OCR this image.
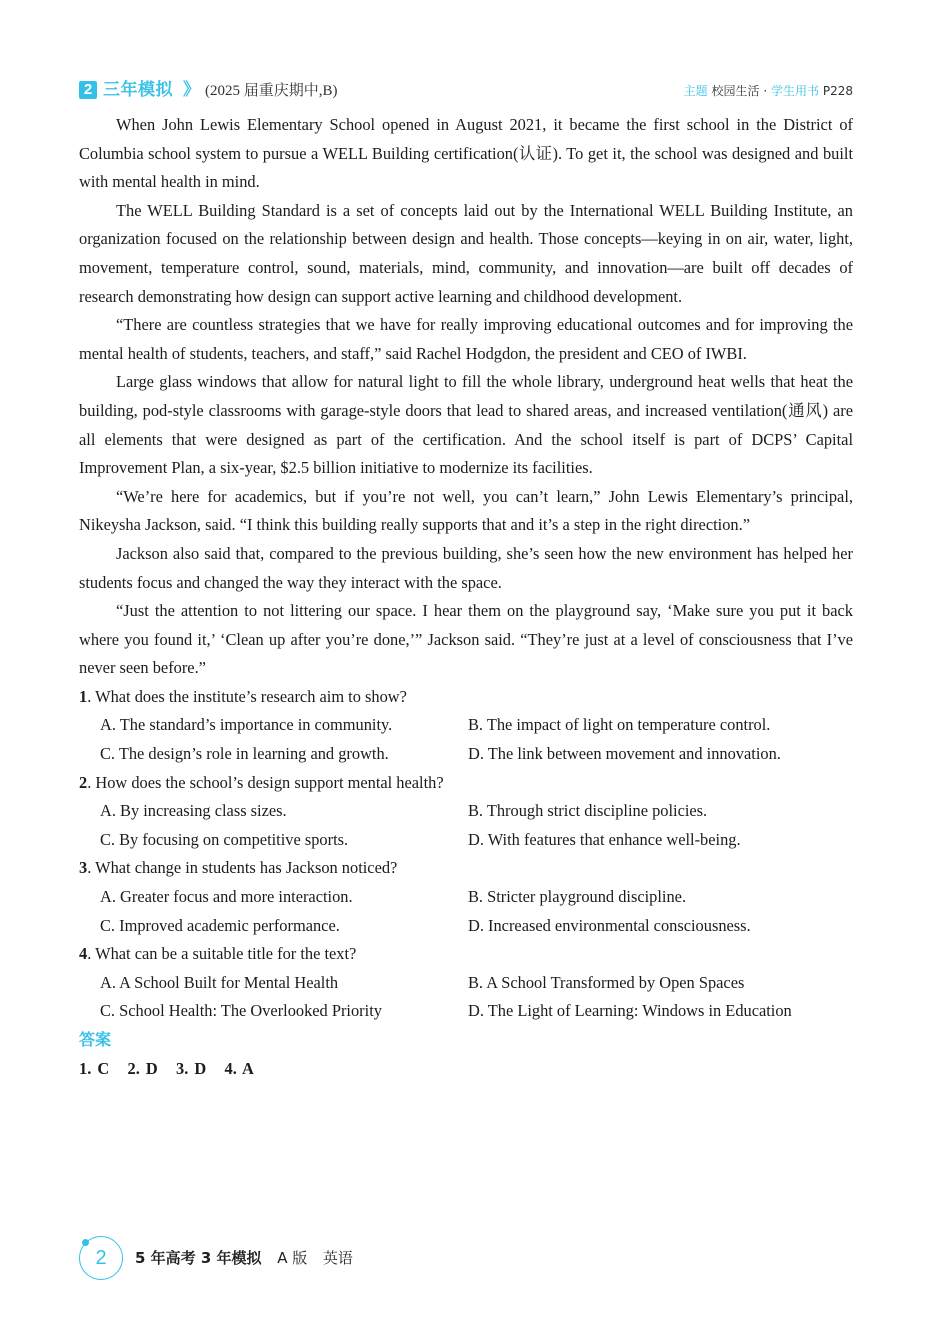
2 三年模拟 》 (2025 届重庆期中,B)	主题 校园生活 · 学生用书 P228

When John Lewis Elementary School opened in August 2021, it became the first school in the District of Columbia school system to pursue a WELL Building certification(认证). To get it, the school was designed and built with mental health in mind.

The WELL Building Standard is a set of concepts laid out by the International WELL Building Institute, an organization focused on the relationship between design and health. Those concepts—keying in on air, water, light, movement, temperature control, sound, materials, mind, community, and innovation—are built off decades of research demonstrating how design can support active learning and childhood development.

“There are countless strategies that we have for really improving educational outcomes and for improving the mental health of students, teachers, and staff,” said Rachel Hodgdon, the president and CEO of IWBI.

Large glass windows that allow for natural light to fill the whole library, underground heat wells that heat the building, pod-style classrooms with garage-style doors that lead to shared areas, and increased ventilation(通风) are all elements that were designed as part of the certification. And the school itself is part of DCPS’ Capital Improvement Plan, a six-year, $2.5 billion initiative to modernize its facilities.

“We’re here for academics, but if you’re not well, you can’t learn,” John Lewis Elementary’s principal, Nikeysha Jackson, said. “I think this building really supports that and it’s a step in the right direction.”

Jackson also said that, compared to the previous building, she’s seen how the new environment has helped her students focus and changed the way they interact with the space.

“Just the attention to not littering our space. I hear them on the playground say, ‘Make sure you put it back where you found it,’ ‘Clean up after you’re done,’” Jackson said. “They’re just at a level of consciousness that I’ve never seen before.”

1. What does the institute’s research aim to show?
A. The standard’s importance in community.	B. The impact of light on temperature control.
C. The design’s role in learning and growth.	D. The link between movement and innovation.
2. How does the school’s design support mental health?
A. By increasing class sizes.	B. Through strict discipline policies.
C. By focusing on competitive sports.	D. With features that enhance well-being.
3. What change in students has Jackson noticed?
A. Greater focus and more interaction.	B. Stricter playground discipline.
C. Improved academic performance.	D. Increased environmental consciousness.
4. What can be a suitable title for the text?
A. A School Built for Mental Health	B. A School Transformed by Open Spaces
C. School Health: The Overlooked Priority	D. The Light of Learning: Windows in Education
答案
1. C   2. D   3. D   4. A
2	5 年高考 3 年模拟 A 版 英语
